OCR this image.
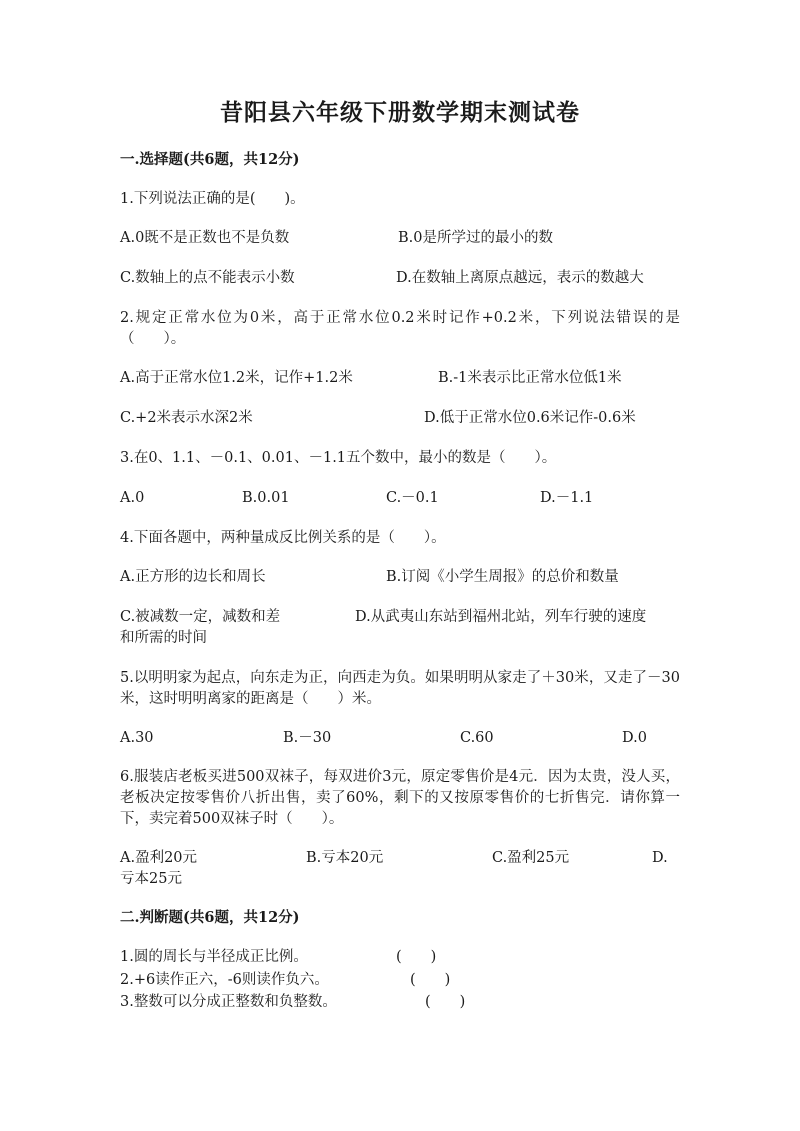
昔阳县六年级下册数学期末测试卷
一.选择题(共6题，共12分)
1.下列说法正确的是(　　)。
A.0既不是正数也不是负数	B.0是所学过的最小的数
C.数轴上的点不能表示小数	D.在数轴上离原点越远，表示的数越大
2.规定正常水位为0米，高于正常水位0.2米时记作+0.2米，下列说法错误的是（　　）。
A.高于正常水位1.2米，记作+1.2米	B.-1米表示比正常水位低1米
C.+2米表示水深2米	D.低于正常水位0.6米记作-0.6米
3.在0、1.1、－0.1、0.01、－1.1五个数中，最小的数是（　　）。
A.0	B.0.01	C.－0.1	D.－1.1
4.下面各题中，两种量成反比例关系的是（　　）。
A.正方形的边长和周长	B.订阅《小学生周报》的总价和数量
C.被减数一定，减数和差	D.从武夷山东站到福州北站，列车行驶的速度
和所需的时间
5.以明明家为起点，向东走为正，向西走为负。如果明明从家走了＋30米，又走了－30米，这时明明离家的距离是（　　）米。
A.30	B.－30	C.60	D.0
6.服装店老板买进500双袜子，每双进价3元，原定零售价是4元．因为太贵，没人买，老板决定按零售价八折出售，卖了60%，剩下的又按原零售价的七折售完．请你算一下，卖完着500双袜子时（　　）。
A.盈利20元	B.亏本20元	C.盈利25元	D.
亏本25元
二.判断题(共6题，共12分)
1.圆的周长与半径成正比例。	(　　)
2.+6读作正六，-6则读作负六。	(　　)
3.整数可以分成正整数和负整数。	(　　)
